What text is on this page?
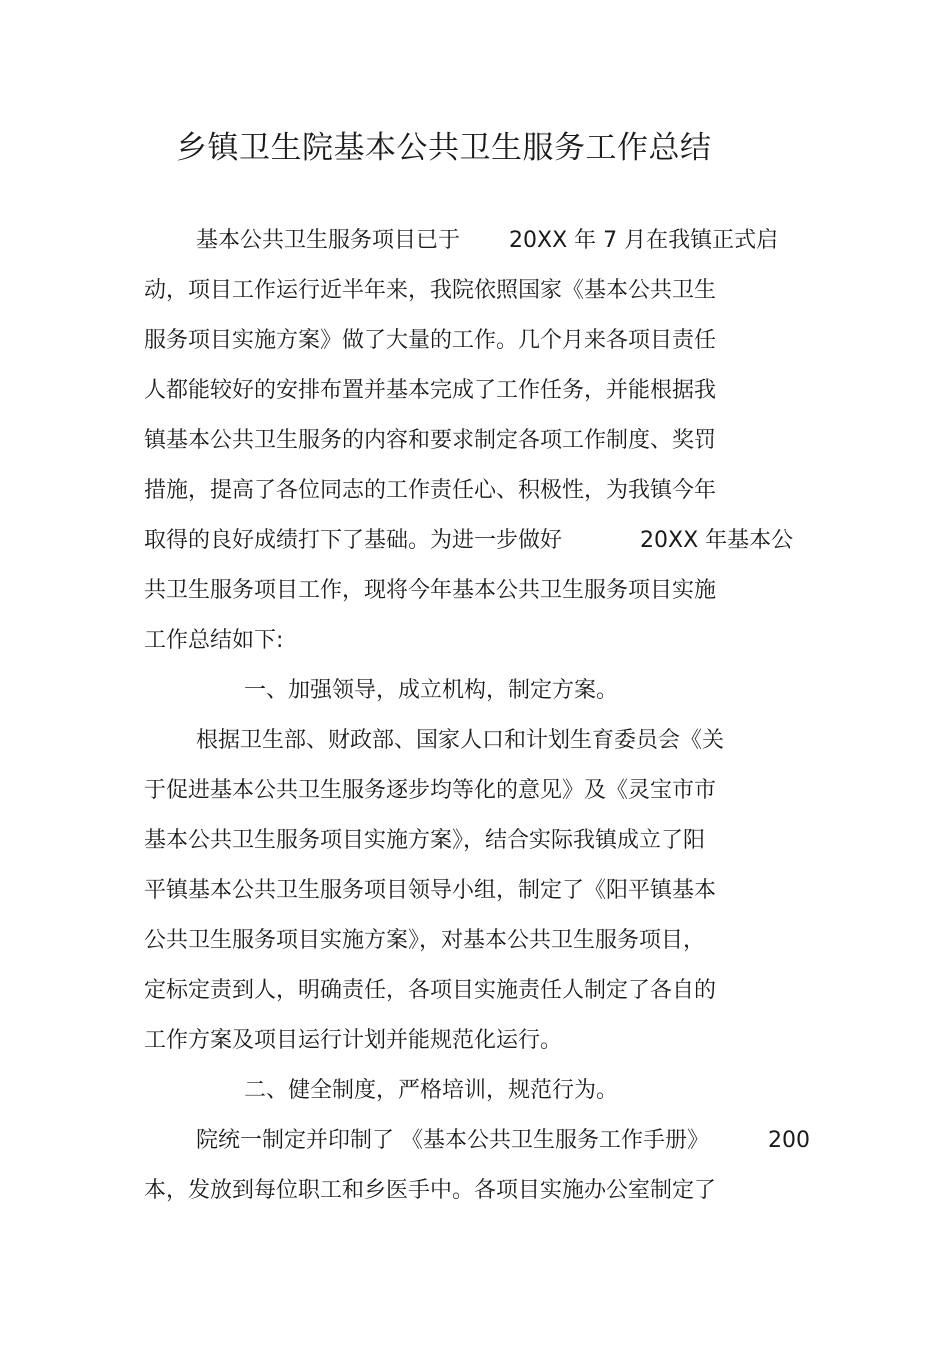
乡镇卫生院基本公共卫生服务工作总结
基本公共卫生服务项目已于 20XX 年 7 月在我镇正式启
动，项目工作运行近半年来，我院依照国家《基本公共卫生
服务项目实施方案》做了大量的工作。几个月来各项目责任
人都能较好的安排布置并基本完成了工作任务，并能根据我
镇基本公共卫生服务的内容和要求制定各项工作制度、奖罚
措施，提高了各位同志的工作责任心、积极性，为我镇今年
取得的良好成绩打下了基础。为进一步做好	20XX 年基本公
共卫生服务项目工作，现将今年基本公共卫生服务项目实施
工作总结如下:
一、加强领导，成立机构，制定方案。
根据卫生部、财政部、国家人口和计划生育委员会《关
于促进基本公共卫生服务逐步均等化的意见》及《灵宝市市
基本公共卫生服务项目实施方案》，结合实际我镇成立了阳
平镇基本公共卫生服务项目领导小组，制定了《阳平镇基本
公共卫生服务项目实施方案》，对基本公共卫生服务项目，
定标定责到人，明确责任，各项目实施责任人制定了各自的
工作方案及项目运行计划并能规范化运行。
二、健全制度，严格培训，规范行为。
院统一制定并印制了 《基本公共卫生服务工作手册》	200
本，发放到每位职工和乡医手中。各项目实施办公室制定了
